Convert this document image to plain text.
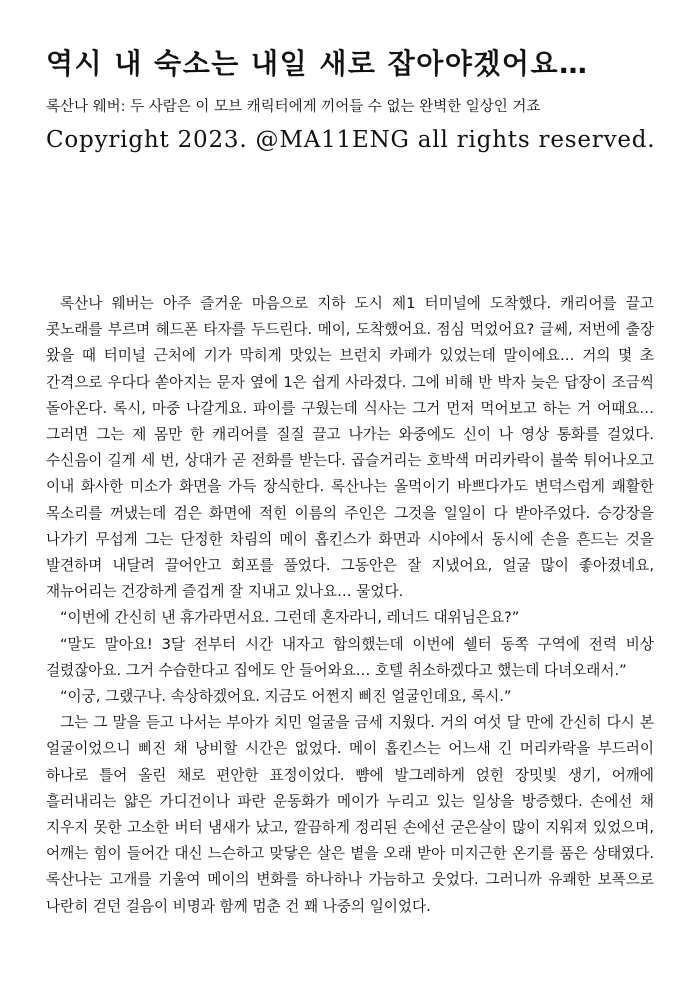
역시 내 숙소는 내일 새로 잡아야겠어요…
록산나 웨버: 두 사람은 이 모브 캐릭터에게 끼어들 수 없는 완벽한 일상인 거죠
Copyright 2023. @MA11ENG all rights reserved.

록산나 웨버는 아주 즐거운 마음으로 지하 도시 제1 터미널에 도착했다. 캐리어를 끌고 콧노래를 부르며 헤드폰 타자를 두드린다. 메이, 도착했어요. 점심 먹었어요? 글쎄, 저번에 출장 왔을 때 터미널 근처에 기가 막히게 맛있는 브런치 카페가 있었는데 말이에요… 거의 몇 초 간격으로 우다다 쏟아지는 문자 옆에 1은 쉽게 사라졌다. 그에 비해 반 박자 늦은 답장이 조금씩 돌아온다. 록시, 마중 나갈게요. 파이를 구웠는데 식사는 그거 먼저 먹어보고 하는 거 어때요… 그러면 그는 제 몸만 한 캐리어를 질질 끌고 나가는 와중에도 신이 나 영상 통화를 걸었다. 수신음이 길게 세 번, 상대가 곧 전화를 받는다. 곱슬거리는 호박색 머리카락이 불쑥 튀어나오고 이내 화사한 미소가 화면을 가득 장식한다. 록산나는 올먹이기 바쁘다가도 변덕스럽게 쾌활한 목소리를 꺼냈는데 검은 화면에 적힌 이름의 주인은 그것을 일일이 다 받아주었다. 승강장을 나가기 무섭게 그는 단정한 차림의 메이 홉킨스가 화면과 시야에서 동시에 손을 흔드는 것을 발견하며 내달려 끌어안고 회포를 풀었다. 그동안은 잘 지냈어요, 얼굴 많이 좋아졌네요, 재뉴어리는 건강하게 즐겁게 잘 지내고 있나요… 물었다.

“이번에 간신히 낸 휴가라면서요. 그런데 혼자라니, 레너드 대위님은요?”

“말도 말아요! 3달 전부터 시간 내자고 합의했는데 이번에 쉘터 동쪽 구역에 전력 비상 걸렸잖아요. 그거 수습한다고 집에도 안 들어와요… 호텔 취소하겠다고 했는데 다녀오래서.”

“이궁, 그랬구나. 속상하겠어요. 지금도 어쩐지 삐진 얼굴인데요, 록시.”

그는 그 말을 듣고 나서는 부아가 치민 얼굴을 금세 지웠다. 거의 여섯 달 만에 간신히 다시 본 얼굴이었으니 삐진 채 낭비할 시간은 없었다. 메이 홉킨스는 어느새 긴 머리카락을 부드러이 하나로 틀어 올린 채로 편안한 표정이었다. 뺨에 발그레하게 얹힌 장밋빛 생기, 어깨에 흘러내리는 얇은 가디건이나 파란 운동화가 메이가 누리고 있는 일상을 방증했다. 손에선 채 지우지 못한 고소한 버터 냄새가 났고, 깔끔하게 정리된 손에선 굳은살이 많이 지워져 있었으며, 어깨는 힘이 들어간 대신 느슨하고 맞닿은 살은 볕을 오래 받아 미지근한 온기를 품은 상태였다. 록산나는 고개를 기울여 메이의 변화를 하나하나 가늠하고 웃었다. 그러니까 유쾌한 보폭으로 나란히 걷던 걸음이 비명과 함께 멈춘 건 꽤 나중의 일이었다.
